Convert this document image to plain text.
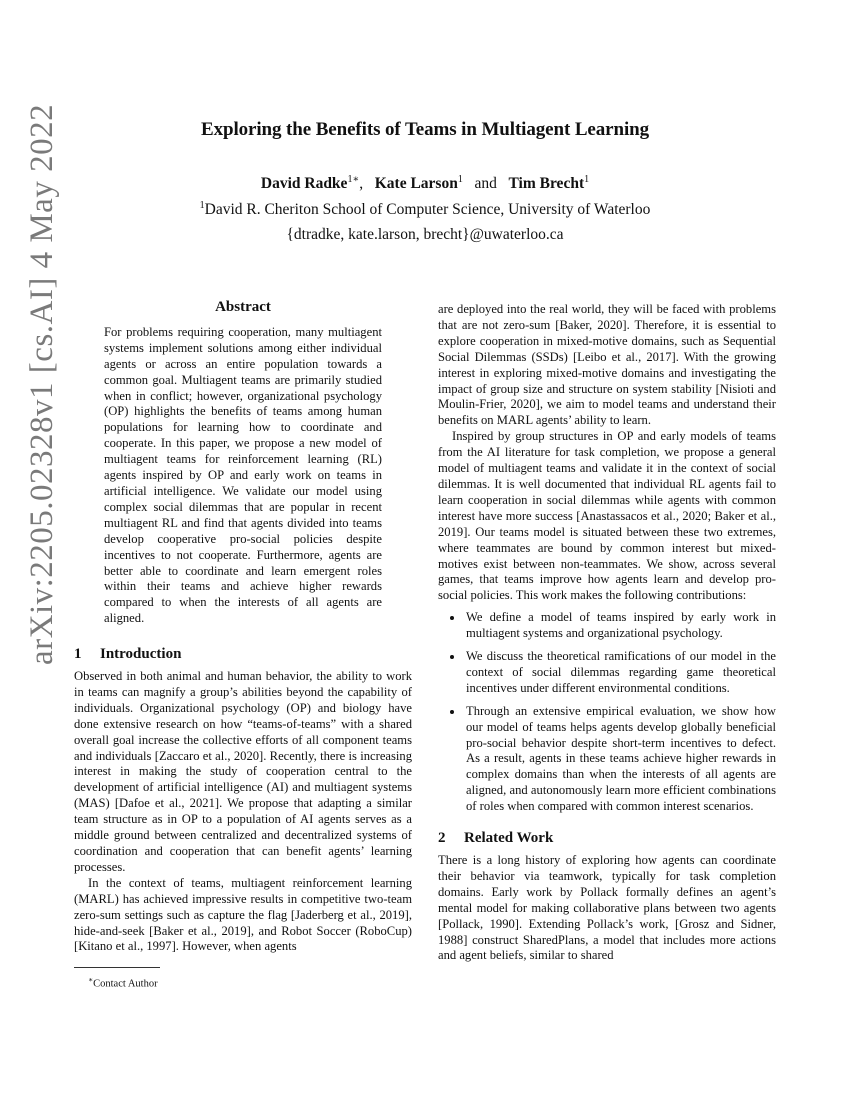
arXiv:2205.02328v1 [cs.AI] 4 May 2022	Exploring the Benefits of Teams in Multiagent Learning
David Radke$^{1∗}$, Kate Larson$^1$ and Tim Brecht$^1$
$^1$David R. Cheriton School of Computer Science, University of Waterloo
{dtradke, kate.larson, brecht}@uwaterloo.ca
Abstract

For problems requiring cooperation, many multiagent systems implement solutions among either individual agents or across an entire population towards a common goal. Multiagent teams are primarily studied when in conflict; however, organizational psychology (OP) highlights the benefits of teams among human populations for learning how to coordinate and cooperate. In this paper, we propose a new model of multiagent teams for reinforcement learning (RL) agents inspired by OP and early work on teams in artificial intelligence. We validate our model using complex social dilemmas that are popular in recent multiagent RL and find that agents divided into teams develop cooperative pro-social policies despite incentives to not cooperate. Furthermore, agents are better able to coordinate and learn emergent roles within their teams and achieve higher rewards compared to when the interests of all agents are aligned.

1 Introduction

Observed in both animal and human behavior, the ability to work in teams can magnify a group’s abilities beyond the capability of individuals. Organizational psychology (OP) and biology have done extensive research on how “teams-of-teams” with a shared overall goal increase the collective efforts of all component teams and individuals [Zaccaro et al., 2020]. Recently, there is increasing interest in making the study of cooperation central to the development of artificial intelligence (AI) and multiagent systems (MAS) [Dafoe et al., 2021]. We propose that adapting a similar team structure as in OP to a population of AI agents serves as a middle ground between centralized and decentralized systems of coordination and cooperation that can benefit agents’ learning processes.

In the context of teams, multiagent reinforcement learning (MARL) has achieved impressive results in competitive two-team zero-sum settings such as capture the flag [Jaderberg et al., 2019], hide-and-seek [Baker et al., 2019], and Robot Soccer (RoboCup) [Kitano et al., 1997]. However, when agents

∗Contact Author

are deployed into the real world, they will be faced with problems that are not zero-sum [Baker, 2020]. Therefore, it is essential to explore cooperation in mixed-motive domains, such as Sequential Social Dilemmas (SSDs) [Leibo et al., 2017]. With the growing interest in exploring mixed-motive domains and investigating the impact of group size and structure on system stability [Nisioti and Moulin-Frier, 2020], we aim to model teams and understand their benefits on MARL agents’ ability to learn.

Inspired by group structures in OP and early models of teams from the AI literature for task completion, we propose a general model of multiagent teams and validate it in the context of social dilemmas. It is well documented that individual RL agents fail to learn cooperation in social dilemmas while agents with common interest have more success [Anastassacos et al., 2020; Baker et al., 2019]. Our teams model is situated between these two extremes, where teammates are bound by common interest but mixed-motives exist between non-teammates. We show, across several games, that teams improve how agents learn and develop pro-social policies. This work makes the following contributions:

• We define a model of teams inspired by early work in multiagent systems and organizational psychology.
• We discuss the theoretical ramifications of our model in the context of social dilemmas regarding game theoretical incentives under different environmental conditions.
• Through an extensive empirical evaluation, we show how our model of teams helps agents develop globally beneficial pro-social behavior despite short-term incentives to defect. As a result, agents in these teams achieve higher rewards in complex domains than when the interests of all agents are aligned, and autonomously learn more efficient combinations of roles when compared with common interest scenarios.
2 Related Work

There is a long history of exploring how agents can coordinate their behavior via teamwork, typically for task completion domains. Early work by Pollack formally defines an agent’s mental model for making collaborative plans between two agents [Pollack, 1990]. Extending Pollack’s work, [Grosz and Sidner, 1988] construct SharedPlans, a model that includes more actions and agent beliefs, similar to shared
